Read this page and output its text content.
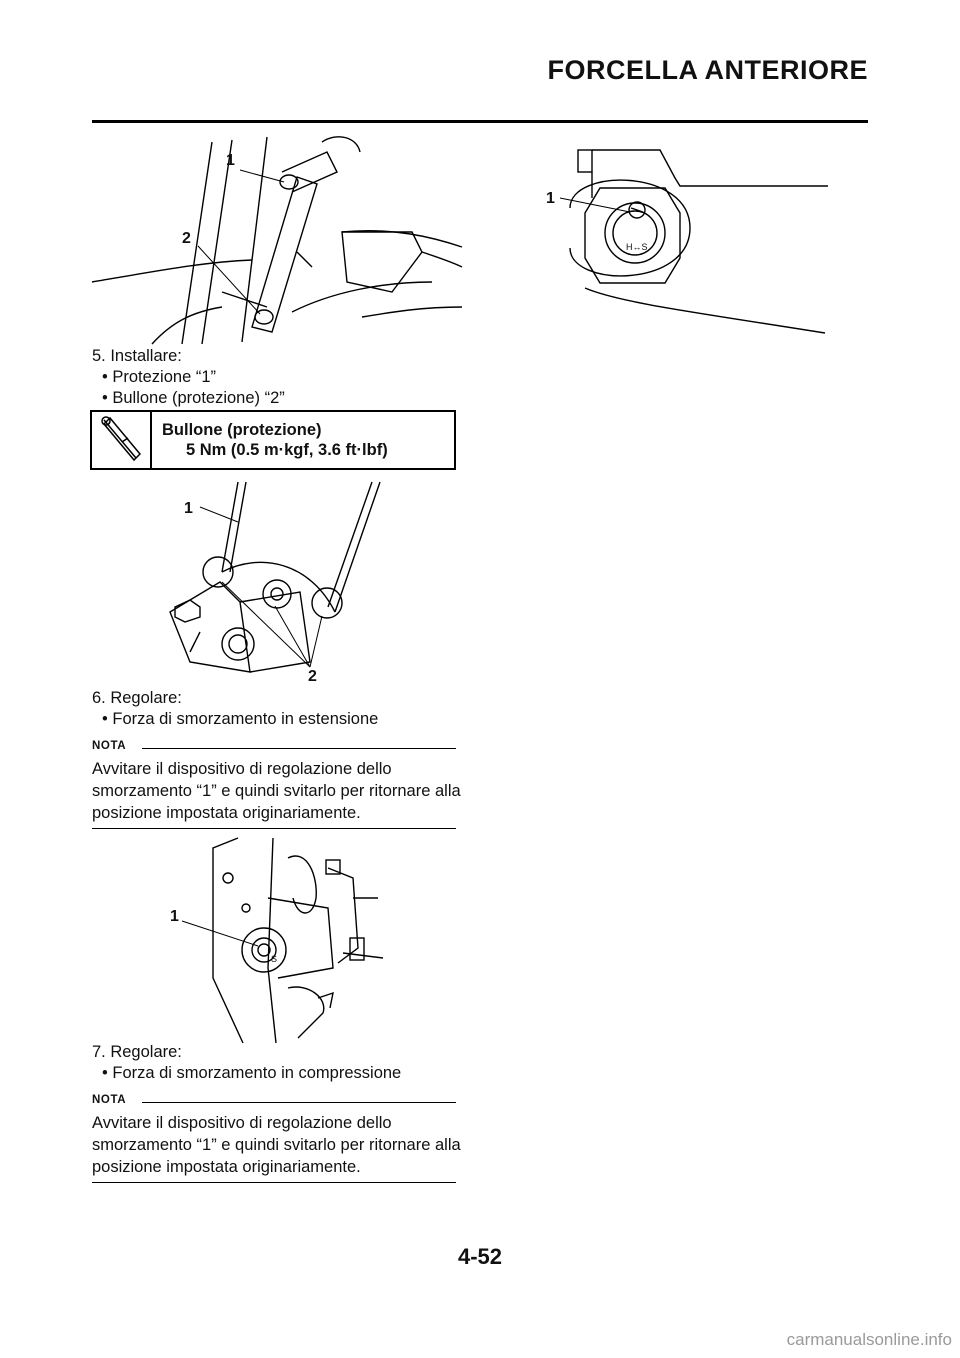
FORCELLA ANTERIORE
1
2
5. Installare:
• Protezione “1”
• Bullone (protezione) “2”
Bullone (protezione)
5 Nm (0.5 m·kgf, 3.6 ft·lbf)
1
2
6. Regolare:
• Forza di smorzamento in estensione
NOTA
Avvitare il dispositivo di regolazione dello smorzamento “1” e quindi svitarlo per ritornare alla posizione impostata originariamente.
S
1
7. Regolare:
• Forza di smorzamento in compressione
NOTA
Avvitare il dispositivo di regolazione dello smorzamento “1” e quindi svitarlo per ritornare alla posizione impostata originariamente.
H↔S
1
4-52
carmanualsonline.info
